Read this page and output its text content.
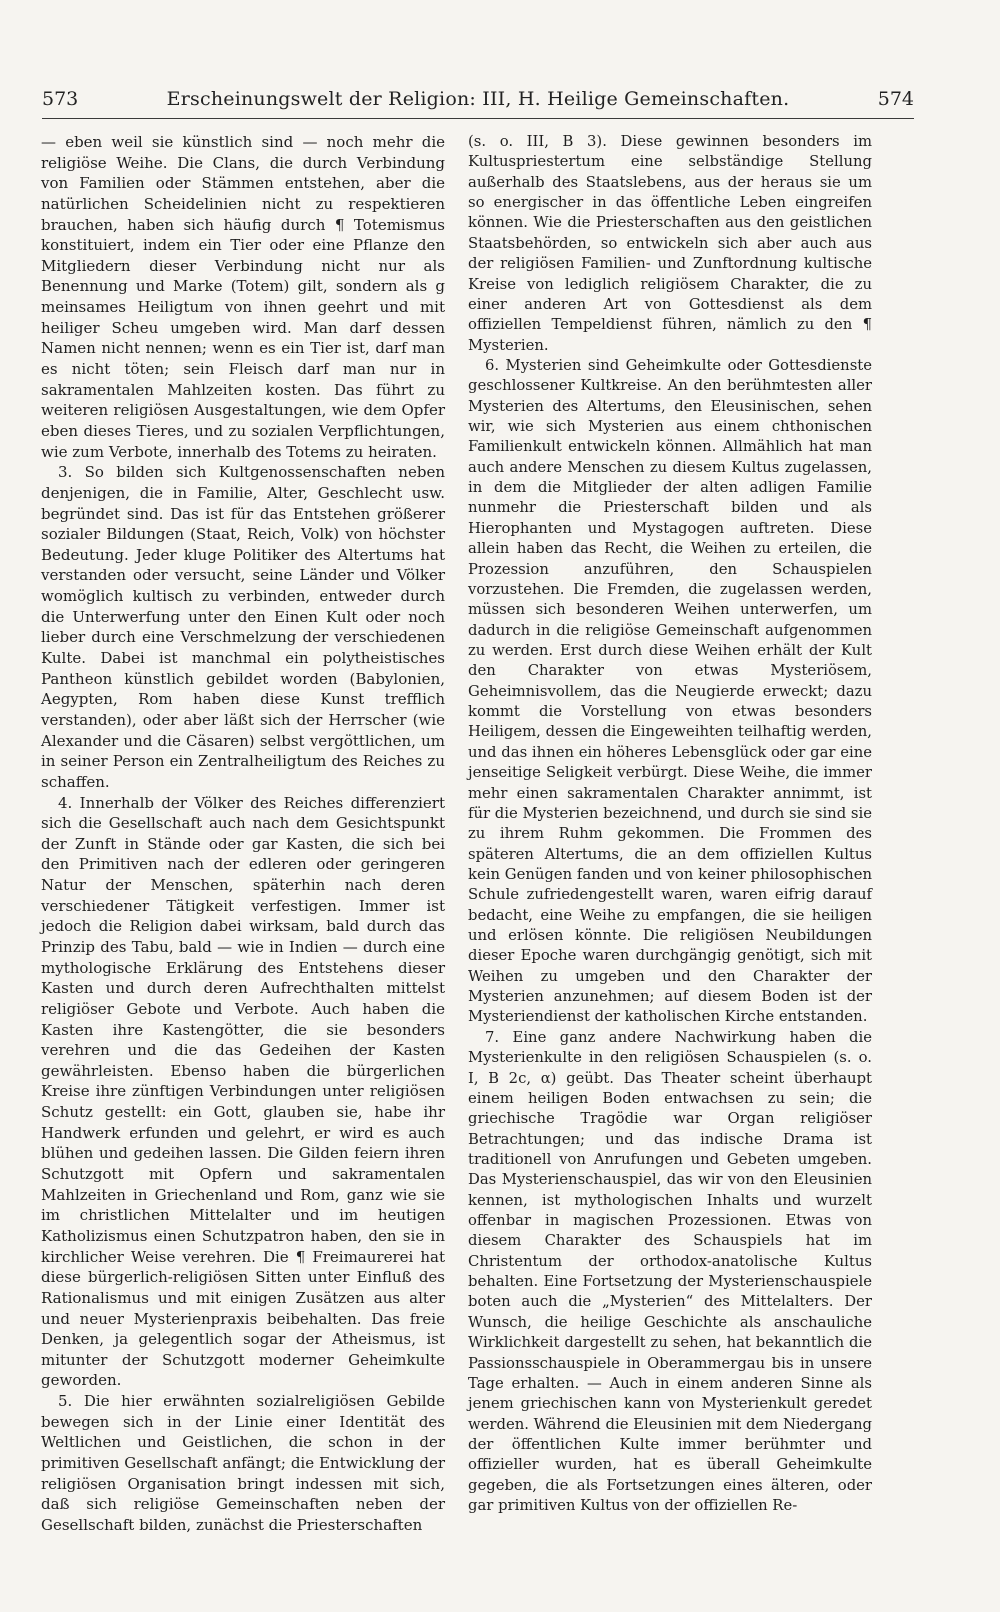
573	Erscheinungswelt der Religion: III, H. Heilige Gemeinschaften.	574

— eben weil sie künstlich sind — noch mehr die religiöse Weihe. Die Clans, die durch Verbindung von Familien oder Stämmen entstehen, aber die natürlichen Scheidelinien nicht zu respektieren brauchen, haben sich häufig durch ¶ Totemismus konstituiert, indem ein Tier oder eine Pflanze den Mitgliedern dieser Verbindung nicht nur als Benennung und Marke (Totem) gilt, sondern als g meinsames Heiligtum von ihnen geehrt und mit heiliger Scheu umgeben wird. Man darf dessen Namen nicht nennen; wenn es ein Tier ist, darf man es nicht töten; sein Fleisch darf man nur in sakramentalen Mahlzeiten kosten. Das führt zu weiteren religiösen Ausgestaltungen, wie dem Opfer eben dieses Tieres, und zu sozialen Verpflichtungen, wie zum Verbote, innerhalb des Totems zu heiraten.

3. So bilden sich Kultgenossenschaften neben denjenigen, die in Familie, Alter, Geschlecht usw. begründet sind. Das ist für das Entstehen größerer sozialer Bildungen (Staat, Reich, Volk) von höchster Bedeutung. Jeder kluge Politiker des Altertums hat verstanden oder versucht, seine Länder und Völker womöglich kultisch zu verbinden, entweder durch die Unterwerfung unter den Einen Kult oder noch lieber durch eine Verschmelzung der verschiedenen Kulte. Dabei ist manchmal ein polytheistisches Pantheon künstlich gebildet worden (Babylonien, Aegypten, Rom haben diese Kunst trefflich verstanden), oder aber läßt sich der Herrscher (wie Alexander und die Cäsaren) selbst vergöttlichen, um in seiner Person ein Zentralheiligtum des Reiches zu schaffen.

4. Innerhalb der Völker des Reiches differenziert sich die Gesellschaft auch nach dem Gesichtspunkt der Zunft in Stände oder gar Kasten, die sich bei den Primitiven nach der edleren oder geringeren Natur der Menschen, späterhin nach deren verschiedener Tätigkeit verfestigen. Immer ist jedoch die Religion dabei wirksam, bald durch das Prinzip des Tabu, bald — wie in Indien — durch eine mythologische Erklärung des Entstehens dieser Kasten und durch deren Aufrechthalten mittelst religiöser Gebote und Verbote. Auch haben die Kasten ihre Kastengötter, die sie besonders verehren und die das Gedeihen der Kasten gewährleisten. Ebenso haben die bürgerlichen Kreise ihre zünftigen Verbindungen unter religiösen Schutz gestellt: ein Gott, glauben sie, habe ihr Handwerk erfunden und gelehrt, er wird es auch blühen und gedeihen lassen. Die Gilden feiern ihren Schutzgott mit Opfern und sakramentalen Mahlzeiten in Griechenland und Rom, ganz wie sie im christlichen Mittelalter und im heutigen Katholizismus einen Schutzpatron haben, den sie in kirchlicher Weise verehren. Die ¶ Freimaurerei hat diese bürgerlich-religiösen Sitten unter Einfluß des Rationalismus und mit einigen Zusätzen aus alter und neuer Mysterienpraxis beibehalten. Das freie Denken, ja gelegentlich sogar der Atheismus, ist mitunter der Schutzgott moderner Geheimkulte geworden.

5. Die hier erwähnten sozialreligiösen Gebilde bewegen sich in der Linie einer Identität des Weltlichen und Geistlichen, die schon in der primitiven Gesellschaft anfängt; die Entwicklung der religiösen Organisation bringt indessen mit sich, daß sich religiöse Gemeinschaften neben der Gesellschaft bilden, zunächst die Priesterschaften

(s. o. III, B 3). Diese gewinnen besonders im Kultuspriestertum eine selbständige Stellung außerhalb des Staatslebens, aus der heraus sie um so energischer in das öffentliche Leben eingreifen können. Wie die Priesterschaften aus den geistlichen Staatsbehörden, so entwickeln sich aber auch aus der religiösen Familien- und Zunftordnung kultische Kreise von lediglich religiösem Charakter, die zu einer anderen Art von Gottesdienst als dem offiziellen Tempeldienst führen, nämlich zu den ¶ Mysterien.

6. Mysterien sind Geheimkulte oder Gottesdienste geschlossener Kultkreise. An den berühmtesten aller Mysterien des Altertums, den Eleusinischen, sehen wir, wie sich Mysterien aus einem chthonischen Familienkult entwickeln können. Allmählich hat man auch andere Menschen zu diesem Kultus zugelassen, in dem die Mitglieder der alten adligen Familie nunmehr die Priesterschaft bilden und als Hierophanten und Mystagogen auftreten. Diese allein haben das Recht, die Weihen zu erteilen, die Prozession anzuführen, den Schauspielen vorzustehen. Die Fremden, die zugelassen werden, müssen sich besonderen Weihen unterwerfen, um dadurch in die religiöse Gemeinschaft aufgenommen zu werden. Erst durch diese Weihen erhält der Kult den Charakter von etwas Mysteriösem, Geheimnisvollem, das die Neugierde erweckt; dazu kommt die Vorstellung von etwas besonders Heiligem, dessen die Eingeweihten teilhaftig werden, und das ihnen ein höheres Lebensglück oder gar eine jenseitige Seligkeit verbürgt. Diese Weihe, die immer mehr einen sakramentalen Charakter annimmt, ist für die Mysterien bezeichnend, und durch sie sind sie zu ihrem Ruhm gekommen. Die Frommen des späteren Altertums, die an dem offiziellen Kultus kein Genügen fanden und von keiner philosophischen Schule zufriedengestellt waren, waren eifrig darauf bedacht, eine Weihe zu empfangen, die sie heiligen und erlösen könnte. Die religiösen Neubildungen dieser Epoche waren durchgängig genötigt, sich mit Weihen zu umgeben und den Charakter der Mysterien anzunehmen; auf diesem Boden ist der Mysteriendienst der katholischen Kirche entstanden.

7. Eine ganz andere Nachwirkung haben die Mysterienkulte in den religiösen Schauspielen (s. o. I, B 2c, α) geübt. Das Theater scheint überhaupt einem heiligen Boden entwachsen zu sein; die griechische Tragödie war Organ religiöser Betrachtungen; und das indische Drama ist traditionell von Anrufungen und Gebeten umgeben. Das Mysterienschauspiel, das wir von den Eleusinien kennen, ist mythologischen Inhalts und wurzelt offenbar in magischen Prozessionen. Etwas von diesem Charakter des Schauspiels hat im Christentum der orthodox-anatolische Kultus behalten. Eine Fortsetzung der Mysterienschauspiele boten auch die „Mysterien“ des Mittelalters. Der Wunsch, die heilige Geschichte als anschauliche Wirklichkeit dargestellt zu sehen, hat bekanntlich die Passionsschauspiele in Oberammergau bis in unsere Tage erhalten. — Auch in einem anderen Sinne als jenem griechischen kann von Mysterienkult geredet werden. Während die Eleusinien mit dem Niedergang der öffentlichen Kulte immer berühmter und offizieller wurden, hat es überall Geheimkulte gegeben, die als Fortsetzungen eines älteren, oder gar primitiven Kultus von der offiziellen Re-
